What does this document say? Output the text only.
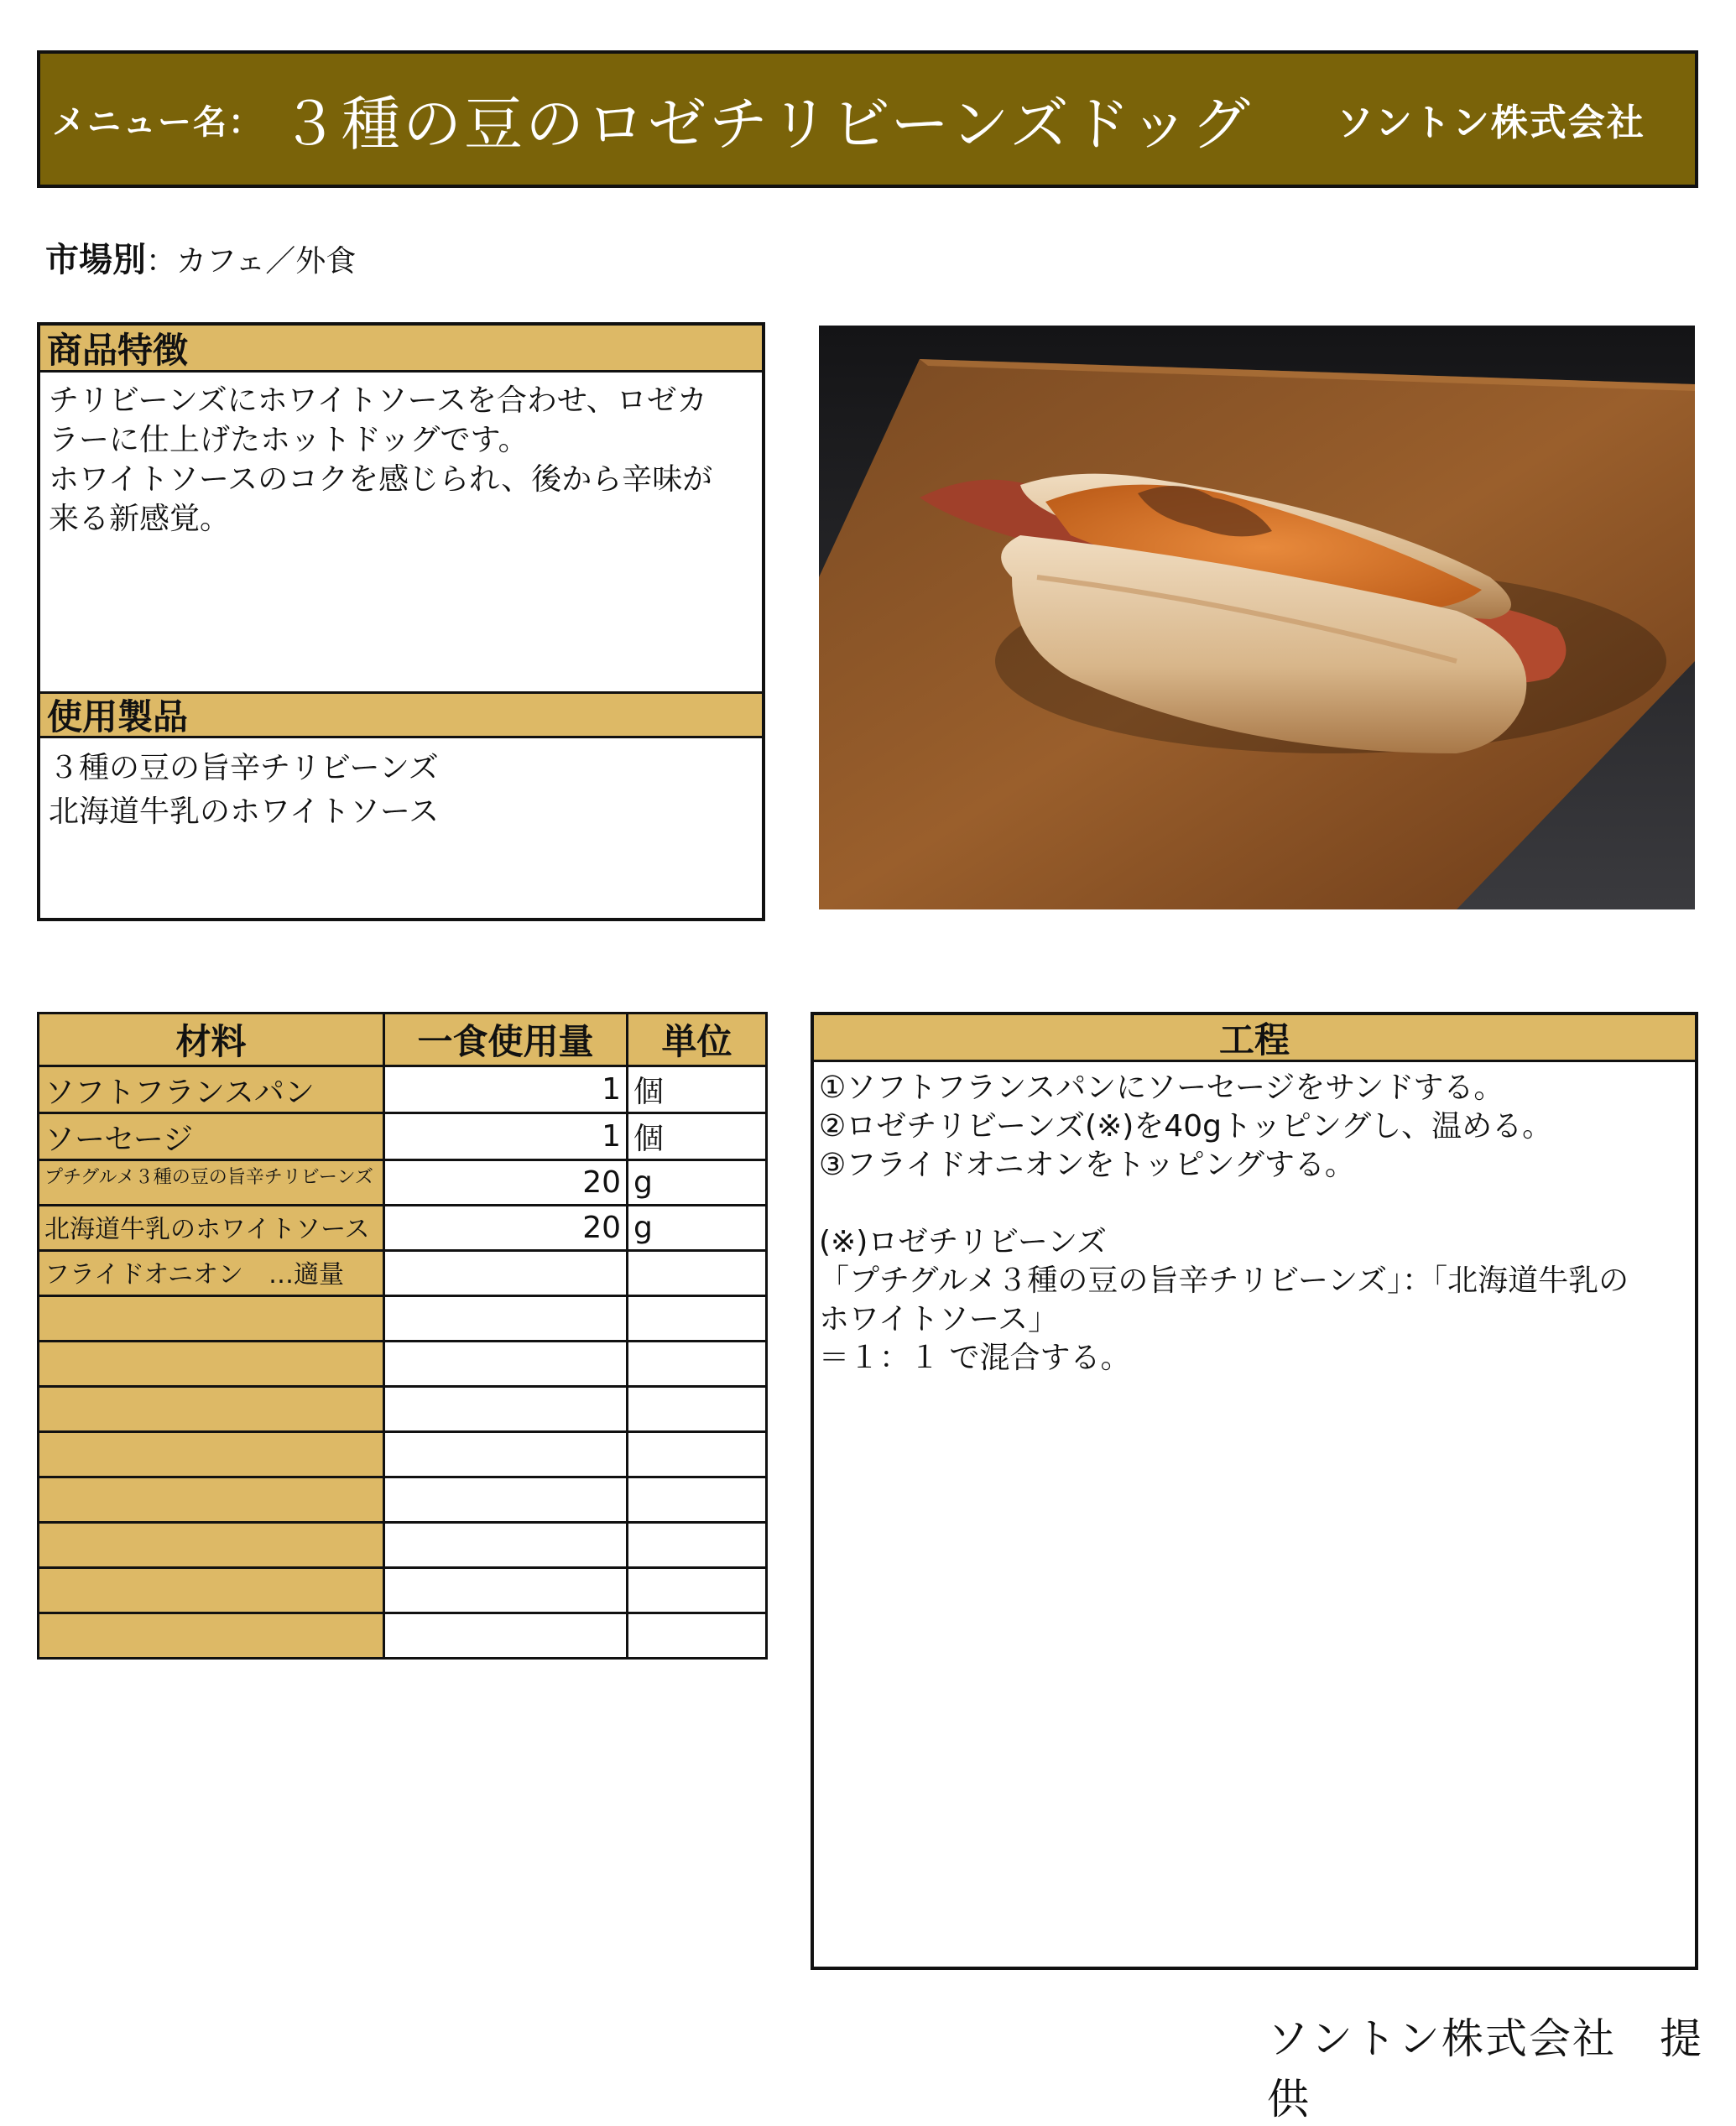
メニュー名： ３種の豆のロゼチリビーンズドッグ ソントン株式会社
市場別：カフェ／外食
商品特徴
チリビーンズにホワイトソースを合わせ、ロゼカ
ラーに仕上げたホットドッグです。
ホワイトソースのコクを感じられ、後から辛味が
来る新感覚。
使用製品
３種の豆の旨辛チリビーンズ
北海道牛乳のホワイトソース
材料	一食使用量	単位
ソフトフランスパン	1	個
ソーセージ	1	個
プチグルメ３種の豆の旨辛チリビーンズ	20	g
北海道牛乳のホワイトソース	20	g
フライドオニオン　…適量		

工程
①ソフトフランスパンにソーセージをサンドする。
②ロゼチリビーンズ(※)を40gトッピングし、温める。
③フライドオニオンをトッピングする。

(※)ロゼチリビーンズ
「プチグルメ３種の豆の旨辛チリビーンズ」：「北海道牛乳の
ホワイトソース」
＝１：１ で混合する。
ソントン株式会社　提供
